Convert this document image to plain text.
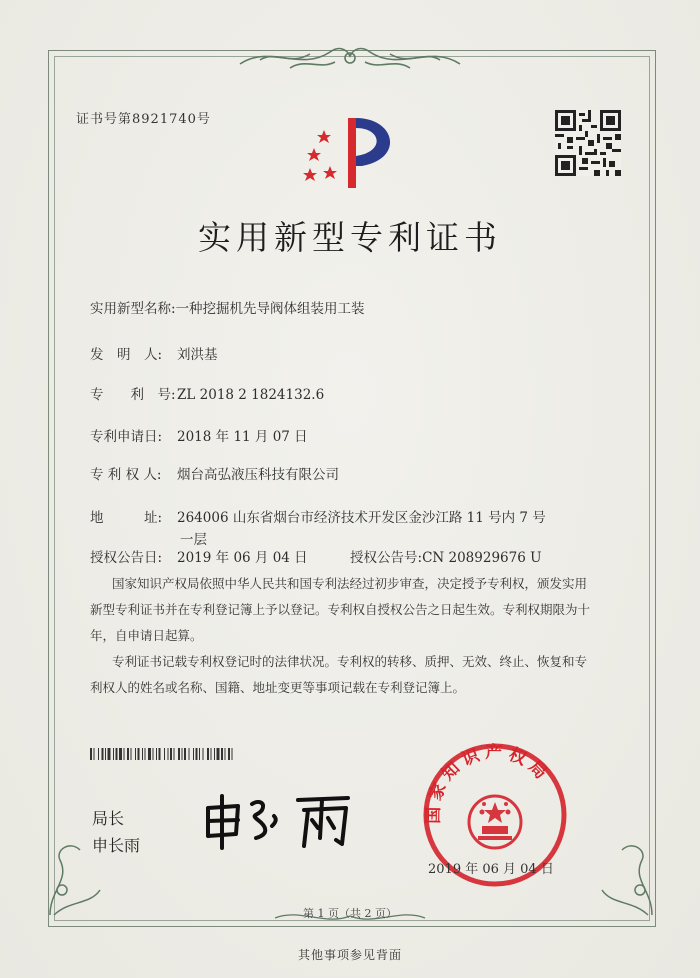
证书号第8921740号
实用新型专利证书
实用新型名称:一种挖掘机先导阀体组装用工装
发　明　人: 刘洪基
专　　利　号:ZL 2018 2 1824132.6
专利申请日: 2018 年 11 月 07 日
专 利 权 人: 烟台高弘液压科技有限公司
地　　　址: 264006 山东省烟台市经济技术开发区金沙江路 11 号内 7 号
一层
授权公告日: 2019 年 06 月 04 日	授权公告号:CN 208929676 U
国家知识产权局依照中华人民共和国专利法经过初步审查，决定授予专利权，颁发实用
新型专利证书并在专利登记簿上予以登记。专利权自授权公告之日起生效。专利权期限为十
年，自申请日起算。
专利证书记载专利权登记时的法律状况。专利权的转移、质押、无效、终止、恢复和专
利权人的姓名或名称、国籍、地址变更等事项记载在专利登记簿上。
局长
申长雨
国家知识产权局
2019 年 06 月 04 日
第 1 页（共 2 页）
其他事项参见背面
